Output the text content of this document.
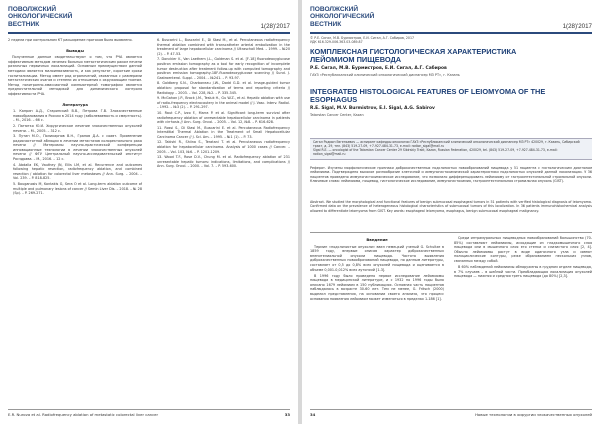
ПОВОЛЖСКИЙ
ОНКОЛОГИЧЕСКИЙ
ВЕСТНИК	1(28)'2017

2 недели при контрольном КТ расширение протоков было выявлено.

Выводы

Полученные данные свидетельствуют о том, что РЧА является эффективным методом лечения больных метастатическим раком печени различных первичных локализаций. Основным преимуществом данной методики является малоинвазивность, и как результат, короткие сроки госпитализации. Метод имеет ряд ограничений, связанных с размерами метастатических очагов и степени их отношения к окружающим тканям. Метод позитронно-эмиссионной компьютерной томографии является предпочтительной методикой для динамического контроля эффективности РЧА.

Литература
1. Каприн А.Д., Старинский В.В., Петрова Г.В. Злокачественные новообразования в России в 2014 году (заболеваемость и смертность). – М., 2016. – 66 с.
2. Патютко Ю.И. Хирургическое лечение злокачественных опухолей печени. – М., 2005. – 312 с.
3. Путин М.О., Поликарпов В.Н., Гранов Д.А. с соавт. Применение радиочастотной абляции в лечении метастазов колоректального рака печени // Материалы научно-практической конференции инновационные технологии в лечении злокачественных опухолей печени // ФГУ Центральный научно-исследовательский институт Росздрава. – М., 2016. – 12 с.
4. Abdalla EK, Vauthey JN, Ellis LM, et al. Recurrence and outcomes following hepatic resection, radiofrequency ablation, and combined resection / ablation for colorectal liver metastases // Ann. Surg. – 2004. – Vol. 239. – P. 818-825.
5. Bouganosis M, Kontakis G, Sera O et al. Long-term ablation outcome of multiple and pulmonary lesions of cancer // Semin Liver Dis. – 2018. – № 28 (Sp). – P. 269-271.
6. Buscarini L., Buscarini E., Di Stasi M., et al. Percutaneous radiofrequency thermal ablation combined with transcatheter arterial embolization in the treatment of large hepatocellular carcinoma // Ultraschall Med. – 1999. – №20 (2). – P. 47-53.
7. Donckier V., Van Laethem J.L., Goldman S. et al. [F-18] fluorodeoxyglucose positron emission tomography as a tool for early recognition of incomplete tumor destruction after treatment follow-up with computed tomography and positron emission tomography-18F-fluorodeoxyglucose scanning // Sund. J. Gastroenterol. Suppl. – 2004. – №241. – P. 93-97.
8. Goldberg S.N., Charboneau J.W., Dodd G.D. et al. Image-guided tumor ablation: proposal for standardization of terms and reporting criteria // Radiology. – 2003. – Vol. 228, №2. – P. 335-345.
9. McGahan J.P., Brock J.M., Tesluk H., Gu W.Z., et al. Hepatic ablation with use of radio-frequency electrocautery in the animal model // J. Vasc. Interv. Radiol. – 1992. – №3 (2). – P. 291-297.
10. Raut C.P., Izzo F., Marra P. et al. Significant long-term survival after radiofrequency ablation of unresectable hepatocellular carcinoma in patients with cirrhosis // Ann. Surg. Oncol. – 2005. – Vol. 12, №8. – P. 616-628.
11. Rossi S., Di Stasi M., Buscarini E. et al. Percutaneous Radiofrequency Interstitial Thermal Ablation in the Treatment of Small Hepatocellular Carcinoma Cancer // J. Sci. Am. – 1995. – №1 (1). – P. 73.
12. Takishi R., Shiina S., Teratani T. et al. Percutaneous radiofrequency ablation for hepatocellular carcinoma. Analysis of 1000 cases // Cancer. – 2005. – Vol. 103, №6. – P. 1201-1209.
13. Wood T.F., Rose D.V., Chung M. et al. Radiofrequency ablation of 231 unresectable hepatic tumors: indications, limitations, and complications // Ann. Surg. Oncol. – 2000. – Vol. 7. – P. 593-600.
E.R. Nurova et al. Radiofrequency ablation of metastatic colorectal liver cancer	33
ПОВОЛЖСКИЙ
ОНКОЛОГИЧЕСКИЙ
ВЕСТНИК	1(28)'2017
© Р.Е. Сигал, М.В. Бурмистров, Е.И. Сигал, А.Г. Сабиров, 2017
УДК 616.329-006.363.03-089.87
КОМПЛЕКСНАЯ ГИСТОЛОГИЧЕСКАЯ ХАРАКТЕРИСТИКА ЛЕЙОМИОМ ПИЩЕВОДА
Р.Е. Сигал, М.В. Бурмистров, Е.И. Сигал, А.Г. Сабиров
ГАУЗ «Республиканский клинический онкологический диспансер МЗ РТ», г. Казань
INTEGRATED HISTOLOGICAL FEATURES OF LEIOMYOMA OF THE ESOPHAGUS
R.E. Sigal, M.V. Burmistrov, E.I. Sigal, A.G. Sabirov
Tatarstan Cancer Center, Kazan
Сигал Родион Евгеньевич — аспирант кафедры онкологии ГАУЗ «Республиканский клинический онкологический диспансер МЗ РТ» 420029, г. Казань, Сибирский тракт, д. 29, тел. (843) 519-27-09, +7-927-484-31-73, e-mail: rodion_sigal@mail.ru
Sigal R.E. — oncologist of the Tatarstan Cancer Center 29 Sibirskiy Trakt, Kazan, Russian Federation, 420029, tel. (843) 519-27-09, +7-927-484-31-73, e-mail: rodion_sigal@mail.ru
Реферат. Изучены морфологические признаки доброкачественных подслизистых новообразований пищевода у 51 пациента с гистологическим диагнозом лейомиома. Подтверждено высокое разнообразие клеточной и иммуногистохимической характеристики подслизистых опухолей данной локализации. У 36 пациентов проведено иммуногистохимическое исследование, что позволило дифференцировать лейомиому от гастроинтестинальной стромальной опухоли. Ключевые слова: лейомиома, пищевод, гистологическое исследование, иммуногистохимия, гастроинтестинальная стромальная опухоль (GIST).
Abstract. We studied the morphological and functional features of benign submucosal esophageal tumors in 51 patients with verified histological diagnosis of leiomyoma. Confirmed data on the prevalence of heterogeneous histological characteristics of submucosal tumors of this localization. In 36 patients immunohistochemical analysis allowed to differentiate leiomyoma from GIST. Key words: esophageal leiomyoma, esophagus, benign submucosal esophageal malignancy.
Введение

Термин «подслизистые опухоли» ввел немецкий ученый G. Schultze в 1859 году, впервые описав характер доброкачественных внепителиальной опухоли пищевода. Частота выявления доброкачественных новообразований пищевода, по данным литературы, составляет от 0,5 до 0,8% всех опухолей пищевода и оценивается в объеме 0,001-0,012% всех аутопсий [1-3].

В 1996 году было проведено первое исследование лейомиомы пищевода в медицинской литературе, и с 1932 по 1996 годы было описано 1679 лейомиом в 150 публикациях. Основная часть пациентов наблюдалась в возрасте 30-60 лет. Тем не менее, G. Fritsch (2000) выделил представления, на основании своего анализа, что процесс основания появления лейомиом может изменяться в пределах 1-186 [1].

Среди интрамуральных пищеводных новообразований большинство (70-85%) составляют лейомиомы, исходящие из гладкомышечного слоя пищевода или в мышечного слоя его стенки и слизистого слоя [2, 4]. Обычно лейомиомы растут в виде одиночного узла и имеют полициклические контуры, реже образованием нескольких узлов, связанных между собой.

В 60% наблюдений лейомиомы обнаружены в грудном отделе пищевода, в 7% случаев – в шейной части. Преобладающая локализация опухолей пищевода — нижняя и средняя треть пищевода (до 80%) [2,3].

34	Новые технологии в хирургии злокачественных опухолей
